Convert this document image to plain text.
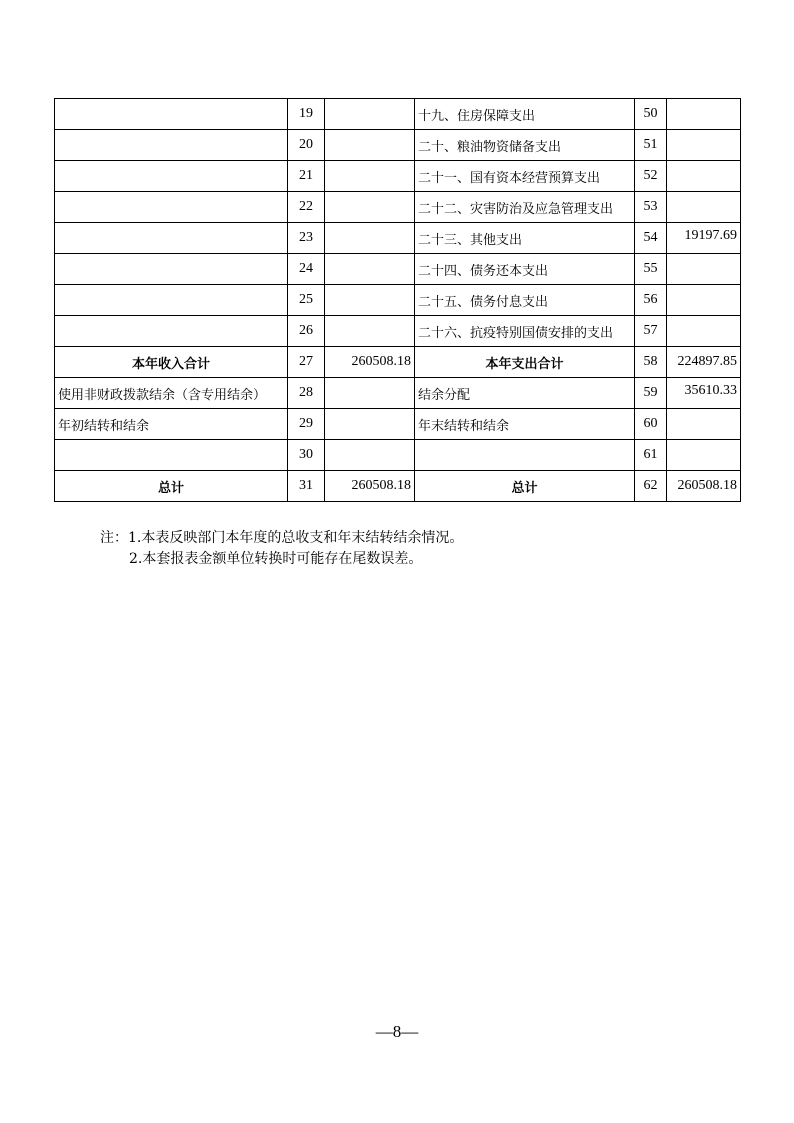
	19		十九、住房保障支出	50	
	20		二十、粮油物资储备支出	51	
	21		二十一、国有资本经营预算支出	52	
	22		二十二、灾害防治及应急管理支出	53	
	23		二十三、其他支出	54	19197.69
	24		二十四、债务还本支出	55	
	25		二十五、债务付息支出	56	
	26		二十六、抗疫特别国债安排的支出	57	
本年收入合计	27	260508.18	本年支出合计	58	224897.85
使用非财政拨款结余（含专用结余）	28		结余分配	59	35610.33
年初结转和结余	29		年末结转和结余	60	
	30			61	
总计	31	260508.18	总计	62	260508.18
注：1.本表反映部门本年度的总收支和年末结转结余情况。
2.本套报表金额单位转换时可能存在尾数误差。
—8—
